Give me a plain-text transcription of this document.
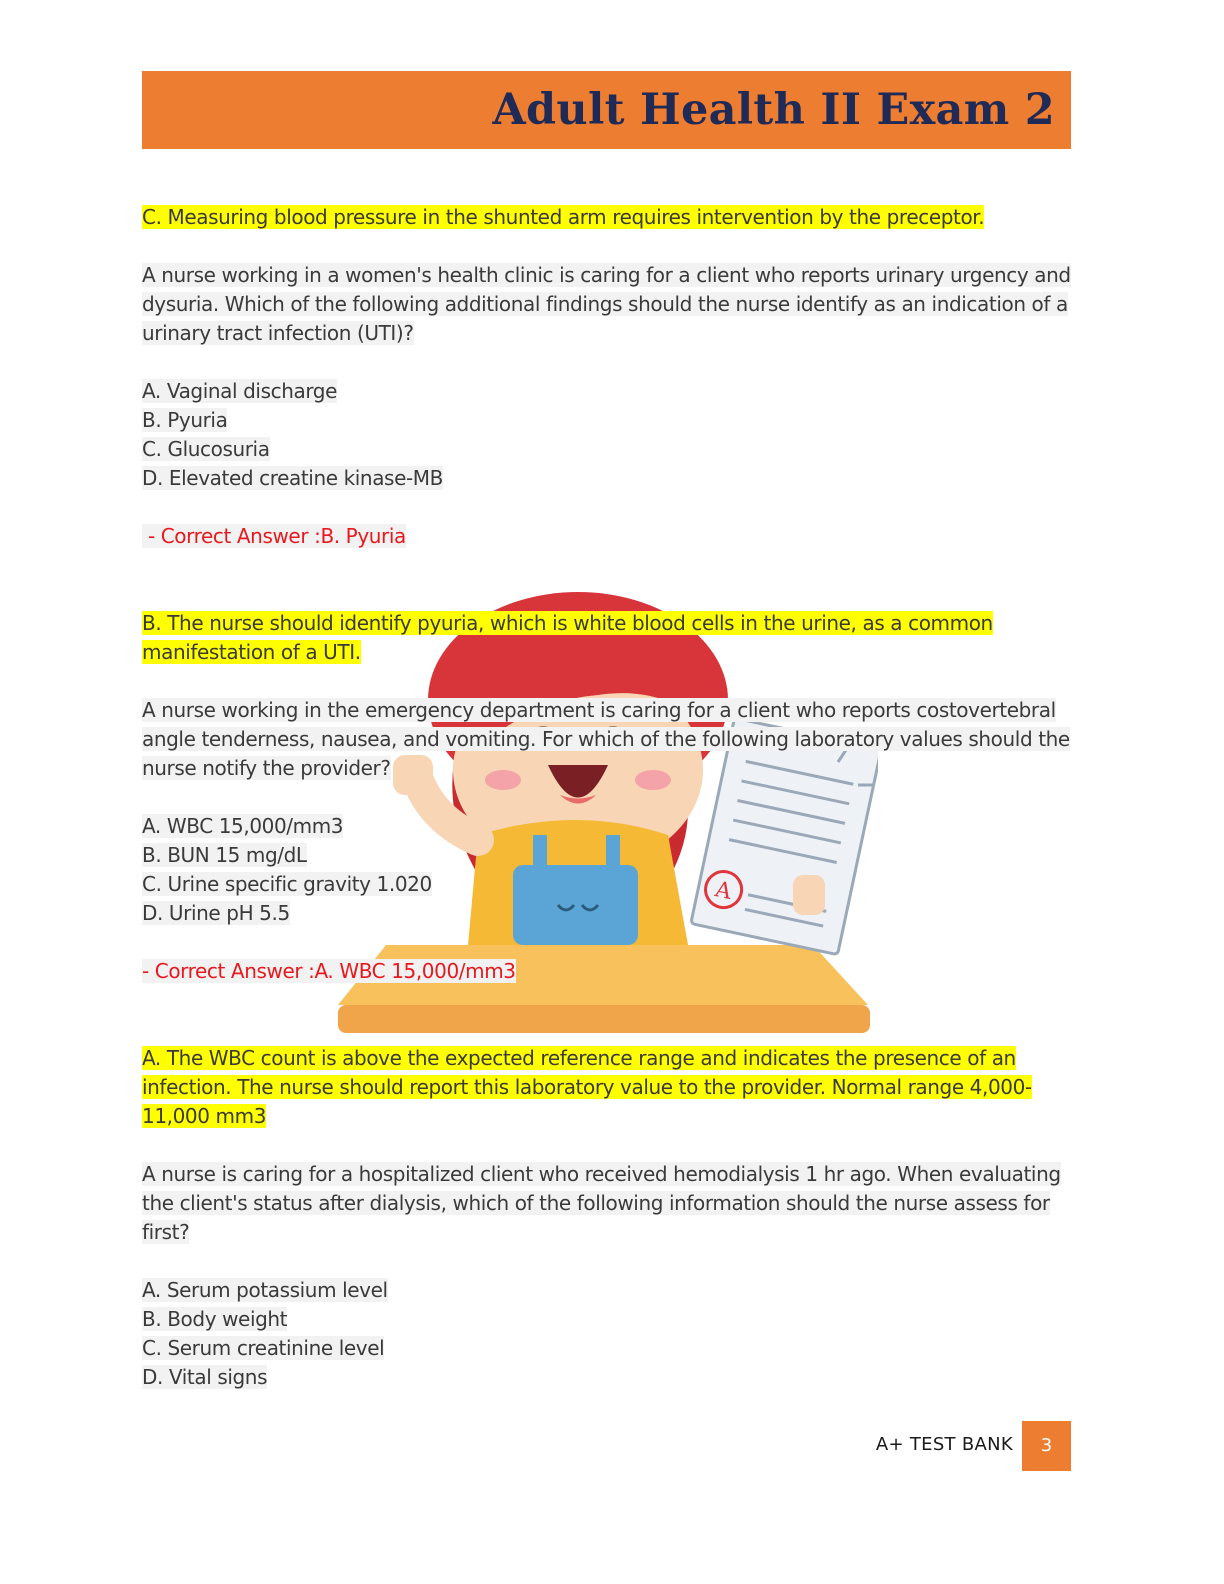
Adult Health II Exam 2
A

C. Measuring blood pressure in the shunted arm requires intervention by the preceptor.

A nurse working in a women's health clinic is caring for a client who reports urinary urgency and
dysuria. Which of the following additional findings should the nurse identify as an indication of a
urinary tract infection (UTI)?

A. Vaginal discharge
B. Pyuria
C. Glucosuria
D. Elevated creatine kinase-MB

- Correct Answer :B. Pyuria

B. The nurse should identify pyuria, which is white blood cells in the urine, as a common
manifestation of a UTI.

A nurse working in the emergency department is caring for a client who reports costovertebral
angle tenderness, nausea, and vomiting. For which of the following laboratory values should the
nurse notify the provider?

A. WBC 15,000/mm3
B. BUN 15 mg/dL
C. Urine specific gravity 1.020
D. Urine pH 5.5

- Correct Answer :A. WBC 15,000/mm3

A. The WBC count is above the expected reference range and indicates the presence of an
infection. The nurse should report this laboratory value to the provider. Normal range 4,000-
11,000 mm3

A nurse is caring for a hospitalized client who received hemodialysis 1 hr ago. When evaluating
the client's status after dialysis, which of the following information should the nurse assess for
first?

A. Serum potassium level
B. Body weight
C. Serum creatinine level
D. Vital signs

A+ TEST BANK	3
